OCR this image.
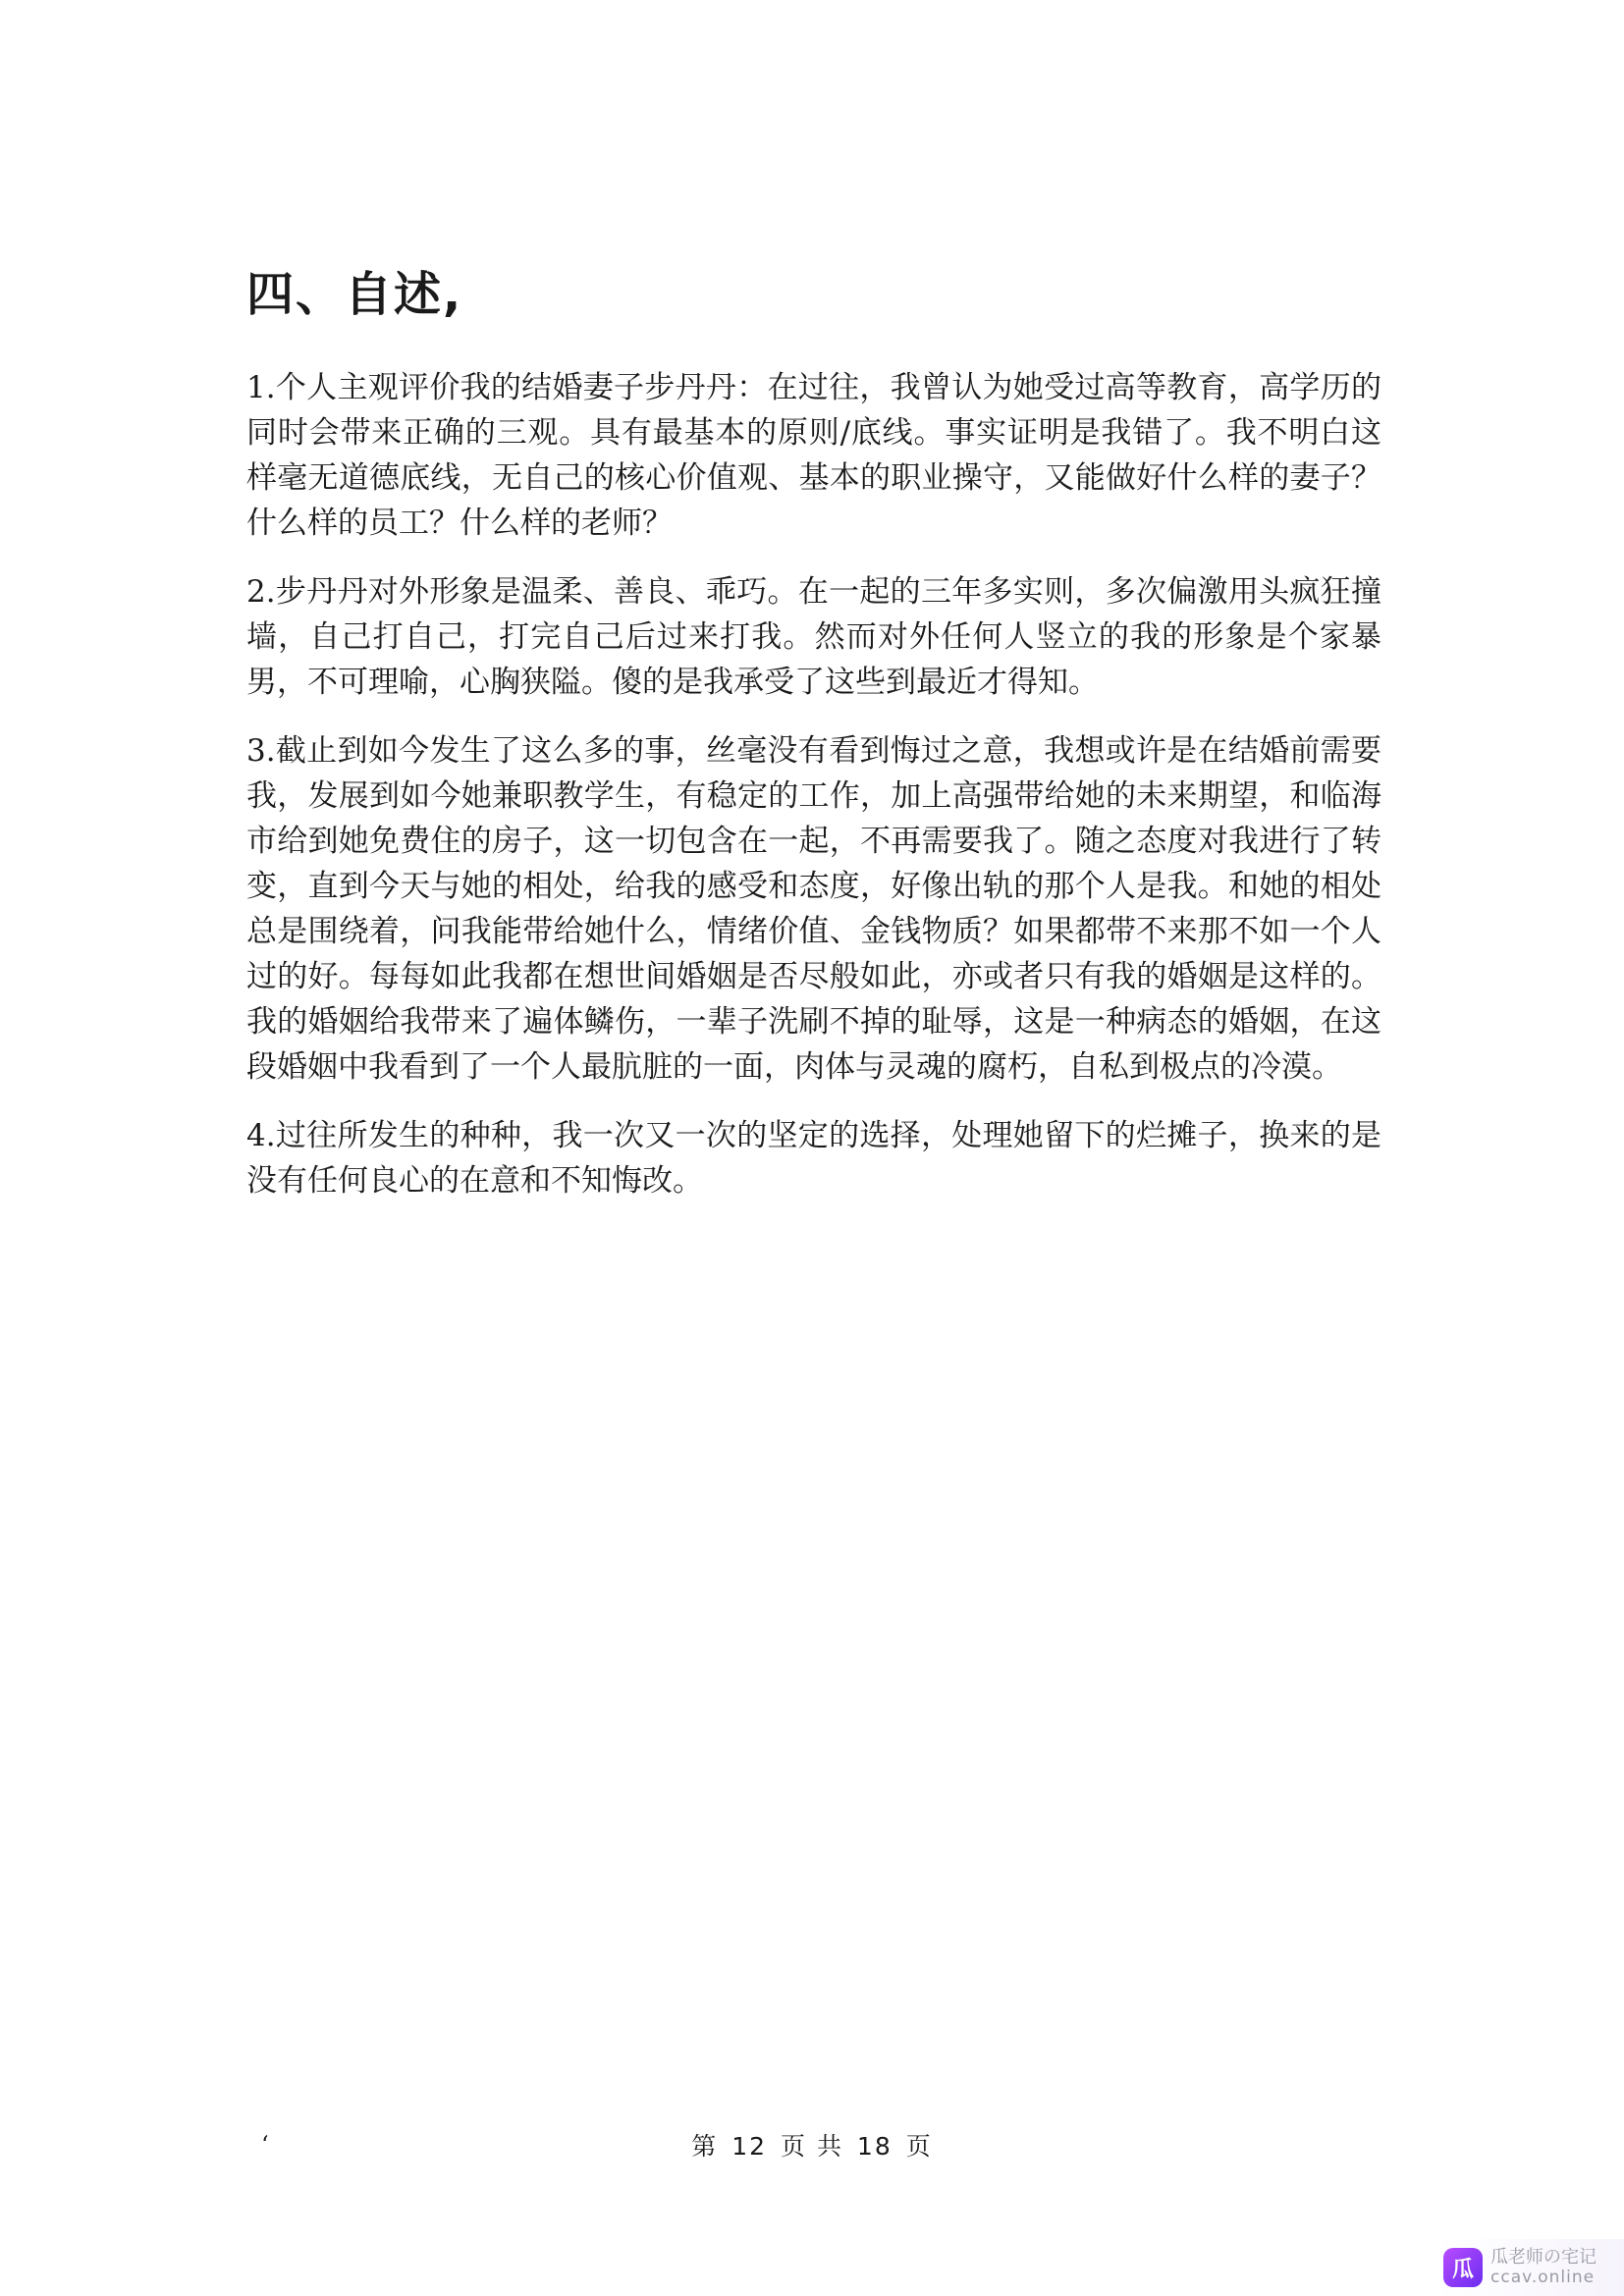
四、自述,

1.个人主观评价我的结婚妻子步丹丹：在过往，我曾认为她受过高等教育，高学历的同时会带来正确的三观。具有最基本的原则/底线。事实证明是我错了。我不明白这样毫无道德底线，无自己的核心价值观、基本的职业操守，又能做好什么样的妻子？什么样的员工？什么样的老师？

2.步丹丹对外形象是温柔、善良、乖巧。在一起的三年多实则，多次偏激用头疯狂撞墙，自己打自己，打完自己后过来打我。然而对外任何人竖立的我的形象是个家暴男，不可理喻，心胸狭隘。傻的是我承受了这些到最近才得知。

3.截止到如今发生了这么多的事，丝毫没有看到悔过之意，我想或许是在结婚前需要我，发展到如今她兼职教学生，有稳定的工作，加上高强带给她的未来期望，和临海市给到她免费住的房子，这一切包含在一起，不再需要我了。随之态度对我进行了转变，直到今天与她的相处，给我的感受和态度，好像出轨的那个人是我。和她的相处总是围绕着，问我能带给她什么，情绪价值、金钱物质？如果都带不来那不如一个人过的好。每每如此我都在想世间婚姻是否尽般如此，亦或者只有我的婚姻是这样的。我的婚姻给我带来了遍体鳞伤，一辈子洗刷不掉的耻辱，这是一种病态的婚姻，在这段婚姻中我看到了一个人最肮脏的一面，肉体与灵魂的腐朽，自私到极点的冷漠。

4.过往所发生的种种，我一次又一次的坚定的选择，处理她留下的烂摊子，换来的是没有任何良心的在意和不知悔改。

‘	第 12 页 共 18 页
瓜 瓜老师の宅记
ccav.online
